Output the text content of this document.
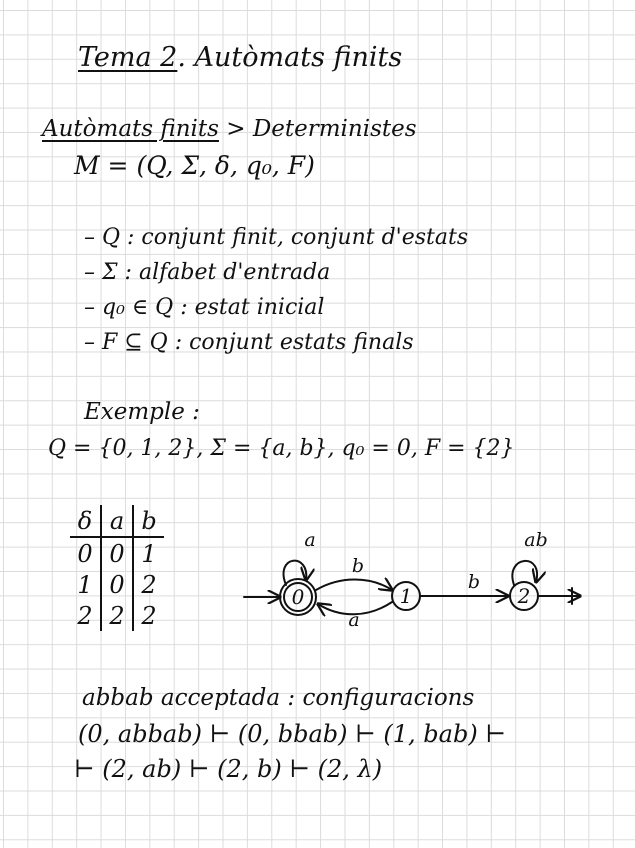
Tema 2. Autòmats finits
Autòmats finits > Deterministes
M = (Q, Σ, δ, q₀, F)
– Q : conjunt finit, conjunt d'estats
– Σ : alfabet d'entrada
– q₀ ∈ Q : estat inicial
– F ⊆ Q : conjunt estats finals
Exemple :
Q = {0, 1, 2}, Σ = {a, b}, q₀ = 0, F = {2}
δ	a	b
0	0	1
1	0	2
2	2	2
0	1	2
a	ab
b
a
b
abbab acceptada : configuracions
(0, abbab) ⊢ (0, bbab) ⊢ (1, bab) ⊢
⊢ (2, ab) ⊢ (2, b) ⊢ (2, λ)
